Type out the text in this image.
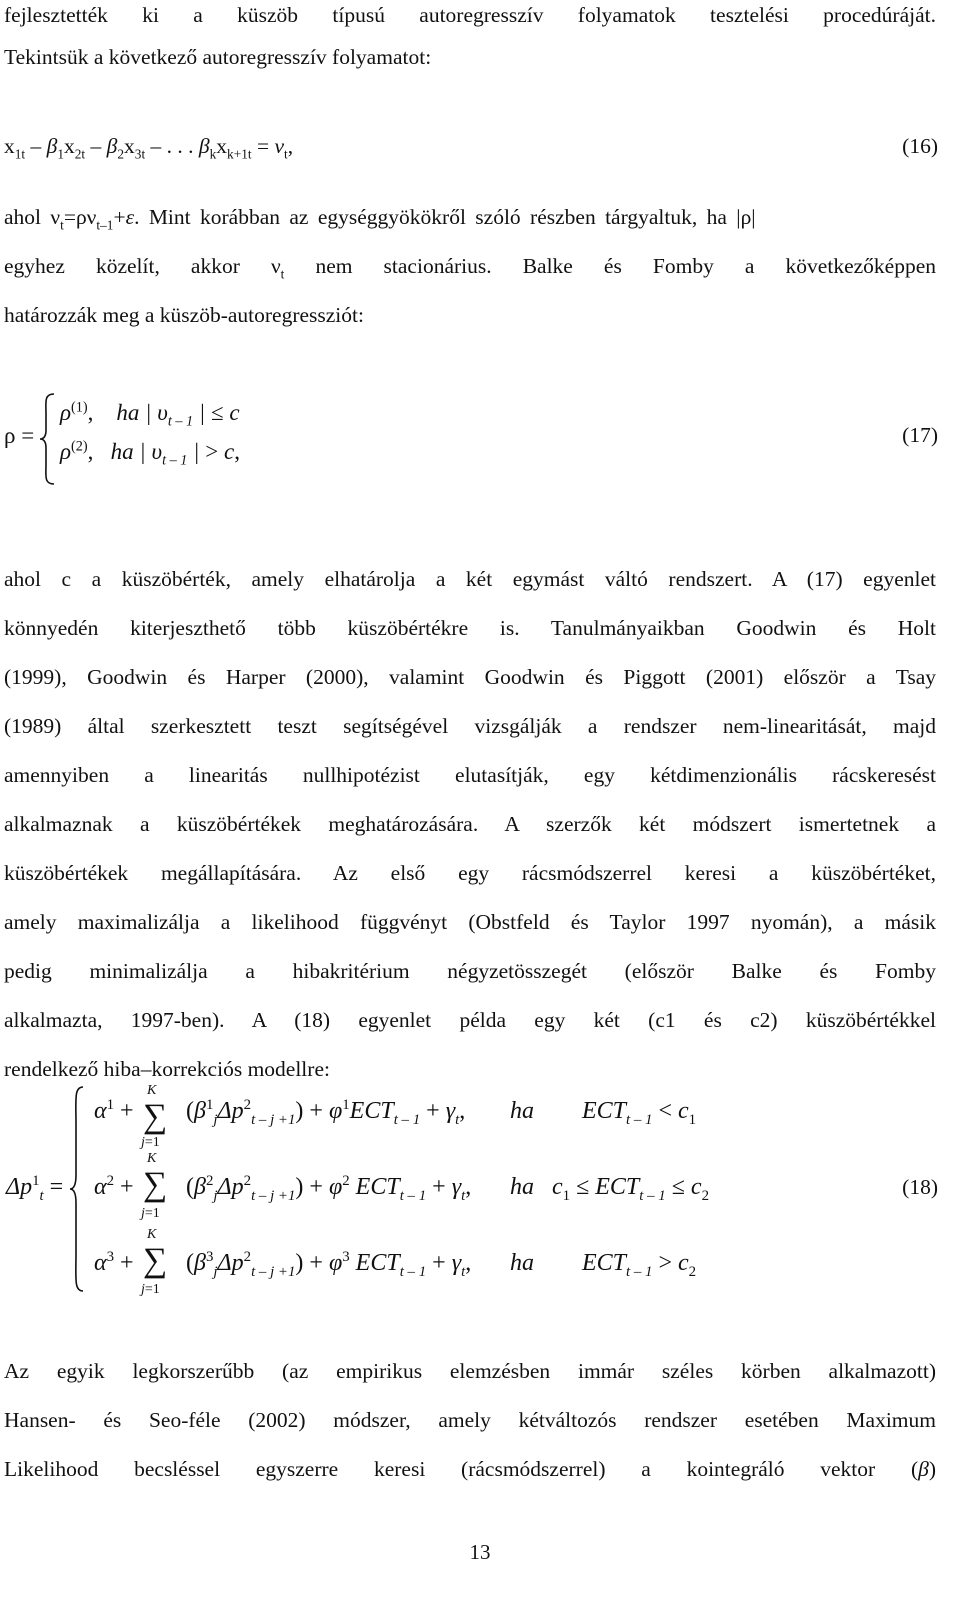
fejlesztették ki a küszöb típusú autoregresszív folyamatok tesztelési procedúráját.
Tekintsük a következő autoregresszív folyamatot:
$x_{1t} - \beta_1x_{2t} - \beta_2x_{3t}$ – . . . $\beta_kx_{k+1t} = \nu_t$,	(16)
ahol $\nu_t=\rho\nu_{t-1}+\varepsilon$. Mint korábban az egységgyökökről szóló részben tárgyaltuk, ha |ρ|
egyhez közelít, akkor $\nu_t$ nem stacionárius. Balke és Fomby a következőképpen
határozzák meg a küszöb-autoregressziót:
ρ =
$\rho^{(1)}$,    ha | $\upsilon_{t - 1}$ | ≤ c
$\rho^{(2)}$,   ha | $\upsilon_{t - 1}$ | > c,
(17)
ahol c a küszöbérték, amely elhatárolja a két egymást váltó rendszert. A (17) egyenlet
könnyedén kiterjeszthető több küszöbértékre is. Tanulmányaikban Goodwin és Holt
(1999), Goodwin és Harper (2000), valamint Goodwin és Piggott (2001) először a Tsay
(1989) által szerkesztett teszt segítségével vizsgálják a rendszer nem-linearitását, majd
amennyiben a linearitás nullhipotézist elutasítják, egy kétdimenzionális rácskeresést
alkalmaznak a küszöbértékek meghatározására. A szerzők két módszert ismertetnek a
küszöbértékek megállapítására. Az első egy rácsmódszerrel keresi a küszöbértéket,
amely maximalizálja a likelihood függvényt (Obstfeld és Taylor 1997 nyomán), a másik
pedig minimalizálja a hibakritérium négyzetösszegét (először Balke és Fomby
alkalmazta, 1997-ben). A (18) egyenlet példa egy két (c1 és c2) küszöbértékkel
rendelkező hiba–korrekciós modellre:
$\Delta p^1_t$ =
$\alpha^1$ +
K
∑
j=1
$(\beta^1_j\Delta p^2_{t - j +1}) + \varphi^1ECT_{t - 1} + \gamma_t$, ha        $ECT_{t - 1} < c_1$
$\alpha^2$ +
K
∑
j=1
$(\beta^2_j\Delta p^2_{t - j +1}) + \varphi^2$ $ECT_{t - 1} + \gamma_t$, ha   $c_1 \le ECT_{t - 1} \le c_2$	(18)
$\alpha^3$ +
K
∑
j=1
$(\beta^3_j\Delta p^2_{t - j +1}) + \varphi^3$ $ECT_{t - 1} + \gamma_t$, ha        $ECT_{t - 1} > c_2$
Az egyik legkorszerűbb (az empirikus elemzésben immár széles körben alkalmazott)
Hansen- és Seo-féle (2002) módszer, amely kétváltozós rendszer esetében Maximum
Likelihood becsléssel egyszerre keresi (rácsmódszerrel) a kointegráló vektor (β)
13
